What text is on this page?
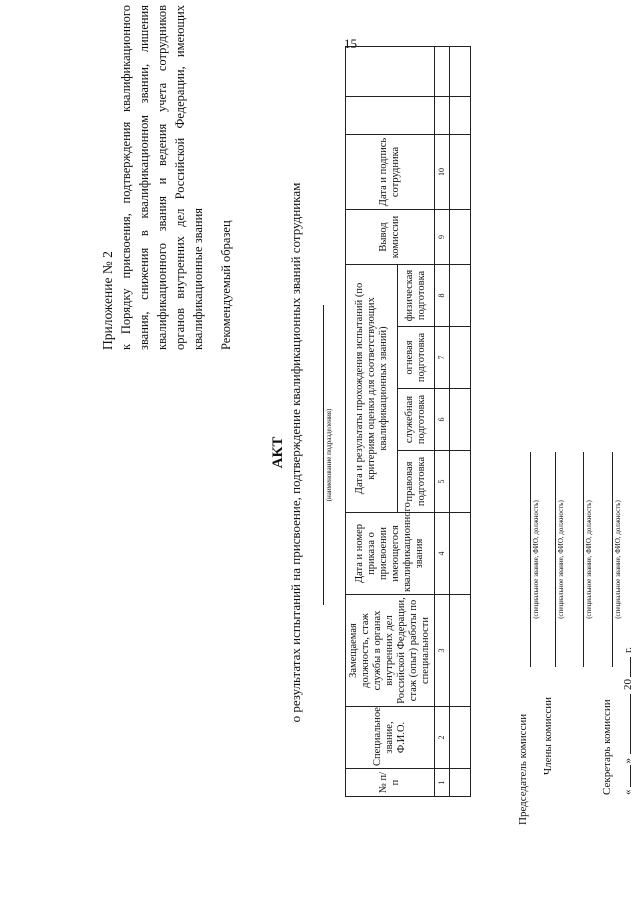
15
Приложение № 2 к Порядку присвоения, подтверждения квалификационного звания, снижения в квалификационном звании, лишения квалификационного звания и ведения учета сотрудников органов внутренних дел Российской Федерации, имеющих квалификационные звания Рекомендуемый образец
АКТ о результатах испытаний на присвоение, подтверждение квалификационных званий сотрудникам	(наименование подразделения)
№ п/п	Специальное звание, Ф.И.О.	Замещаемая должность, стаж службы в органах внутренних дел Российской Федерации, стаж (опыт) работы по специальности	Дата и номер приказа о присвоении имеющегося квалификационного звания	Дата и результаты прохождения испытаний (по критериям оценки для соответствующих квалификационных званий)				Вывод комиссии	Дата и подпись сотрудника		
				правовая подготовка	служебная подготовка	огневая подготовка	физическая подготовка				
1	2	3	4	5	6	7	8	9	10		

Председатель комиссии
(специальное звание, ФИО, должность)
Члены комиссии
(специальное звание, ФИО, должность)	(специальное звание, ФИО, должность)
Секретарь комиссии
(специальное звание, ФИО, должность)
«
»
20
г.
